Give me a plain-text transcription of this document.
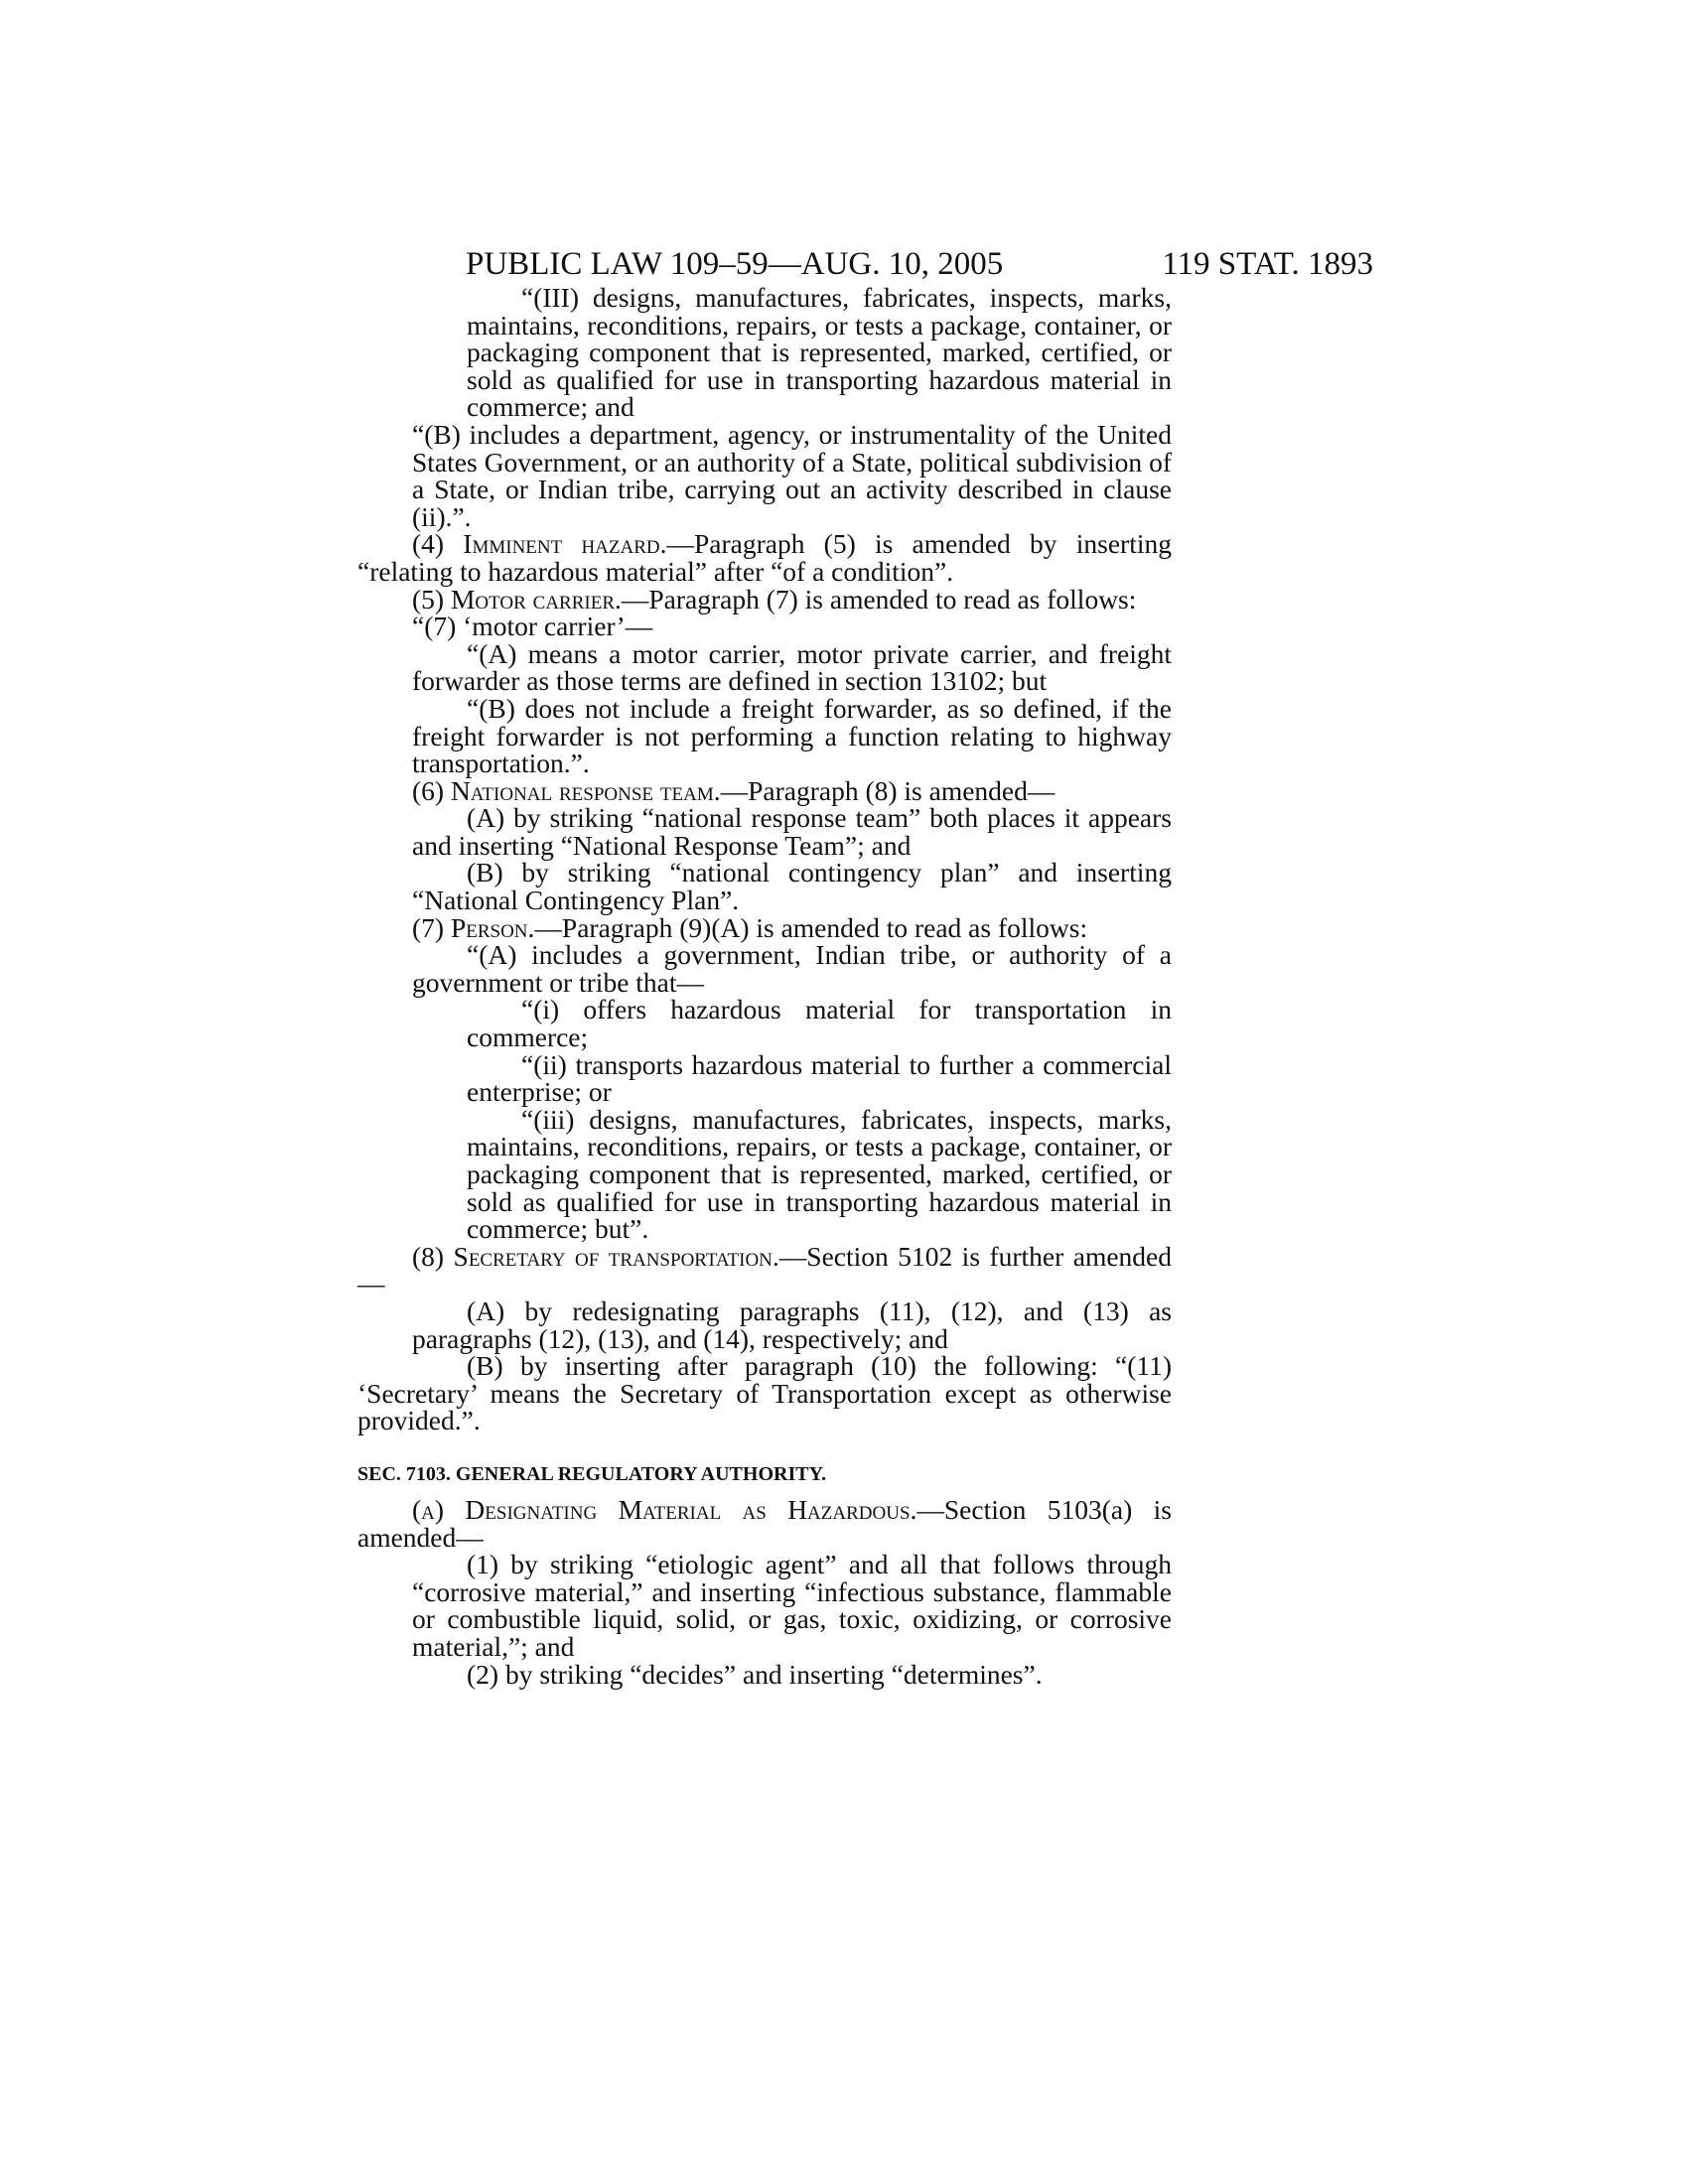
PUBLIC LAW 109–59—AUG. 10, 2005	119 STAT. 1893

“(III) designs, manufactures, fabricates, inspects, marks, maintains, reconditions, repairs, or tests a package, container, or packaging component that is represented, marked, certified, or sold as qualified for use in transporting hazardous material in commerce; and

“(B) includes a department, agency, or instrumentality of the United States Government, or an authority of a State, political subdivision of a State, or Indian tribe, carrying out an activity described in clause (ii).”.

(4) Imminent hazard.—Paragraph (5) is amended by inserting “relating to hazardous material” after “of a condition”.

(5) Motor carrier.—Paragraph (7) is amended to read as follows:

“(7) ‘motor carrier’—

“(A) means a motor carrier, motor private carrier, and freight forwarder as those terms are defined in section 13102; but

“(B) does not include a freight forwarder, as so defined, if the freight forwarder is not performing a function relating to highway transportation.”.

(6) National response team.—Paragraph (8) is amended—

(A) by striking “national response team” both places it appears and inserting “National Response Team”; and

(B) by striking “national contingency plan” and inserting “National Contingency Plan”.

(7) Person.—Paragraph (9)(A) is amended to read as follows:

“(A) includes a government, Indian tribe, or authority of a government or tribe that—

“(i) offers hazardous material for transportation in commerce;

“(ii) transports hazardous material to further a commercial enterprise; or

“(iii) designs, manufactures, fabricates, inspects, marks, maintains, reconditions, repairs, or tests a package, container, or packaging component that is represented, marked, certified, or sold as qualified for use in transporting hazardous material in commerce; but”.

(8) Secretary of transportation.—Section 5102 is further amended—

(A) by redesignating paragraphs (11), (12), and (13) as paragraphs (12), (13), and (14), respectively; and

(B) by inserting after paragraph (10) the following: “(11) ‘Secretary’ means the Secretary of Transportation except as otherwise provided.”.

SEC. 7103. GENERAL REGULATORY AUTHORITY.

(a) Designating Material as Hazardous.—Section 5103(a) is amended—

(1) by striking “etiologic agent” and all that follows through “corrosive material,” and inserting “infectious substance, flammable or combustible liquid, solid, or gas, toxic, oxidizing, or corrosive material,”; and

(2) by striking “decides” and inserting “determines”.
